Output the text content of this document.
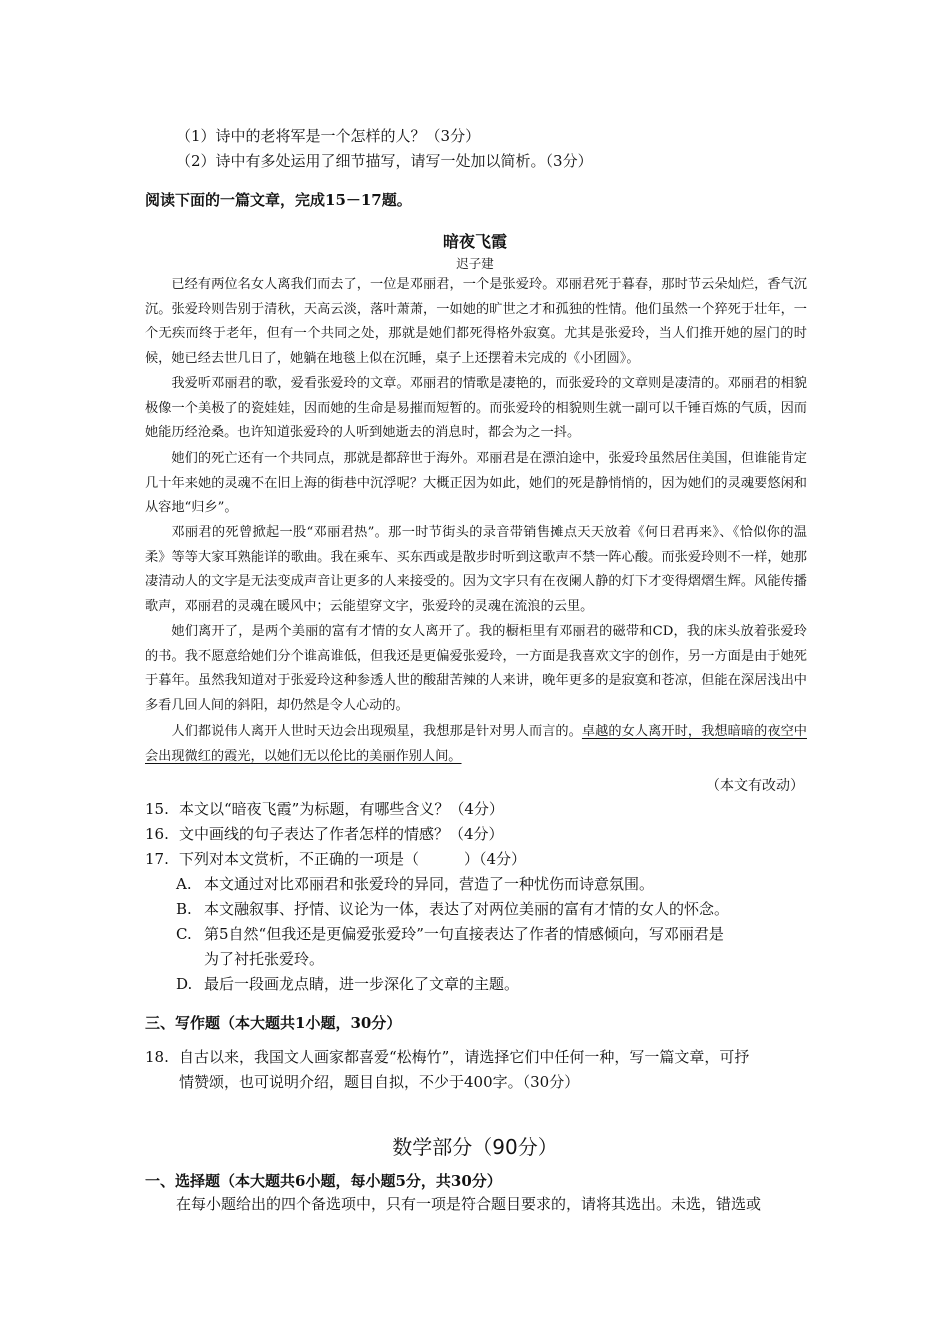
（1）诗中的老将军是一个怎样的人？（3分）
（2）诗中有多处运用了细节描写，请写一处加以简析。（3分）
阅读下面的一篇文章，完成15－17题。
暗夜飞霞
迟子建

已经有两位名女人离我们而去了，一位是邓丽君，一个是张爱玲。邓丽君死于暮春，那时节云朵灿烂，香气沉沉。张爱玲则告别于清秋，天高云淡，落叶萧萧，一如她的旷世之才和孤独的性情。他们虽然一个猝死于壮年，一个无疾而终于老年，但有一个共同之处，那就是她们都死得格外寂寞。尤其是张爱玲，当人们推开她的屋门的时候，她已经去世几日了，她躺在地毯上似在沉睡，桌子上还摆着未完成的《小团圆》。

我爱听邓丽君的歌，爱看张爱玲的文章。邓丽君的情歌是凄艳的，而张爱玲的文章则是凄清的。邓丽君的相貌极像一个美极了的瓷娃娃，因而她的生命是易摧而短暂的。而张爱玲的相貌则生就一副可以千锤百炼的气质，因而她能历经沧桑。也许知道张爱玲的人听到她逝去的消息时，都会为之一抖。

她们的死亡还有一个共同点，那就是都辞世于海外。邓丽君是在漂泊途中，张爱玲虽然居住美国，但谁能肯定几十年来她的灵魂不在旧上海的街巷中沉浮呢？大概正因为如此，她们的死是静悄悄的，因为她们的灵魂要悠闲和从容地“归乡”。

邓丽君的死曾掀起一股“邓丽君热”。那一时节街头的录音带销售摊点天天放着《何日君再来》、《恰似你的温柔》等等大家耳熟能详的歌曲。我在乘车、买东西或是散步时听到这歌声不禁一阵心酸。而张爱玲则不一样，她那凄清动人的文字是无法变成声音让更多的人来接受的。因为文字只有在夜阑人静的灯下才变得熠熠生辉。风能传播歌声，邓丽君的灵魂在暖风中；云能望穿文字，张爱玲的灵魂在流浪的云里。

她们离开了，是两个美丽的富有才情的女人离开了。我的橱柜里有邓丽君的磁带和CD，我的床头放着张爱玲的书。我不愿意给她们分个谁高谁低，但我还是更偏爱张爱玲，一方面是我喜欢文字的创作，另一方面是由于她死于暮年。虽然我知道对于张爱玲这种参透人世的酸甜苦辣的人来讲，晚年更多的是寂寞和苍凉，但能在深居浅出中多看几回人间的斜阳，却仍然是令人心动的。

人们都说伟人离开人世时天边会出现殒星，我想那是针对男人而言的。卓越的女人离开时，我想暗暗的夜空中会出现微红的霞光，以她们无以伦比的美丽作别人间。

（本文有改动）
15. 本文以“暗夜飞霞”为标题，有哪些含义？（4分）
16. 文中画线的句子表达了作者怎样的情感？（4分）
17. 下列对本文赏析，不正确的一项是（　　　）（4分）
A. 本文通过对比邓丽君和张爱玲的异同，营造了一种忧伤而诗意氛围。
B. 本文融叙事、抒情、议论为一体，表达了对两位美丽的富有才情的女人的怀念。
C. 第5自然“但我还是更偏爱张爱玲”一句直接表达了作者的情感倾向，写邓丽君是
为了衬托张爱玲。
D. 最后一段画龙点睛，进一步深化了文章的主题。
三、写作题（本大题共1小题，30分）
18. 自古以来，我国文人画家都喜爱“松梅竹”，请选择它们中任何一种，写一篇文章，可抒
情赞颂，也可说明介绍，题目自拟，不少于400字。（30分）
数学部分（90分）
一、选择题（本大题共6小题，每小题5分，共30分）
在每小题给出的四个备选项中，只有一项是符合题目要求的，请将其选出。未选，错选或
